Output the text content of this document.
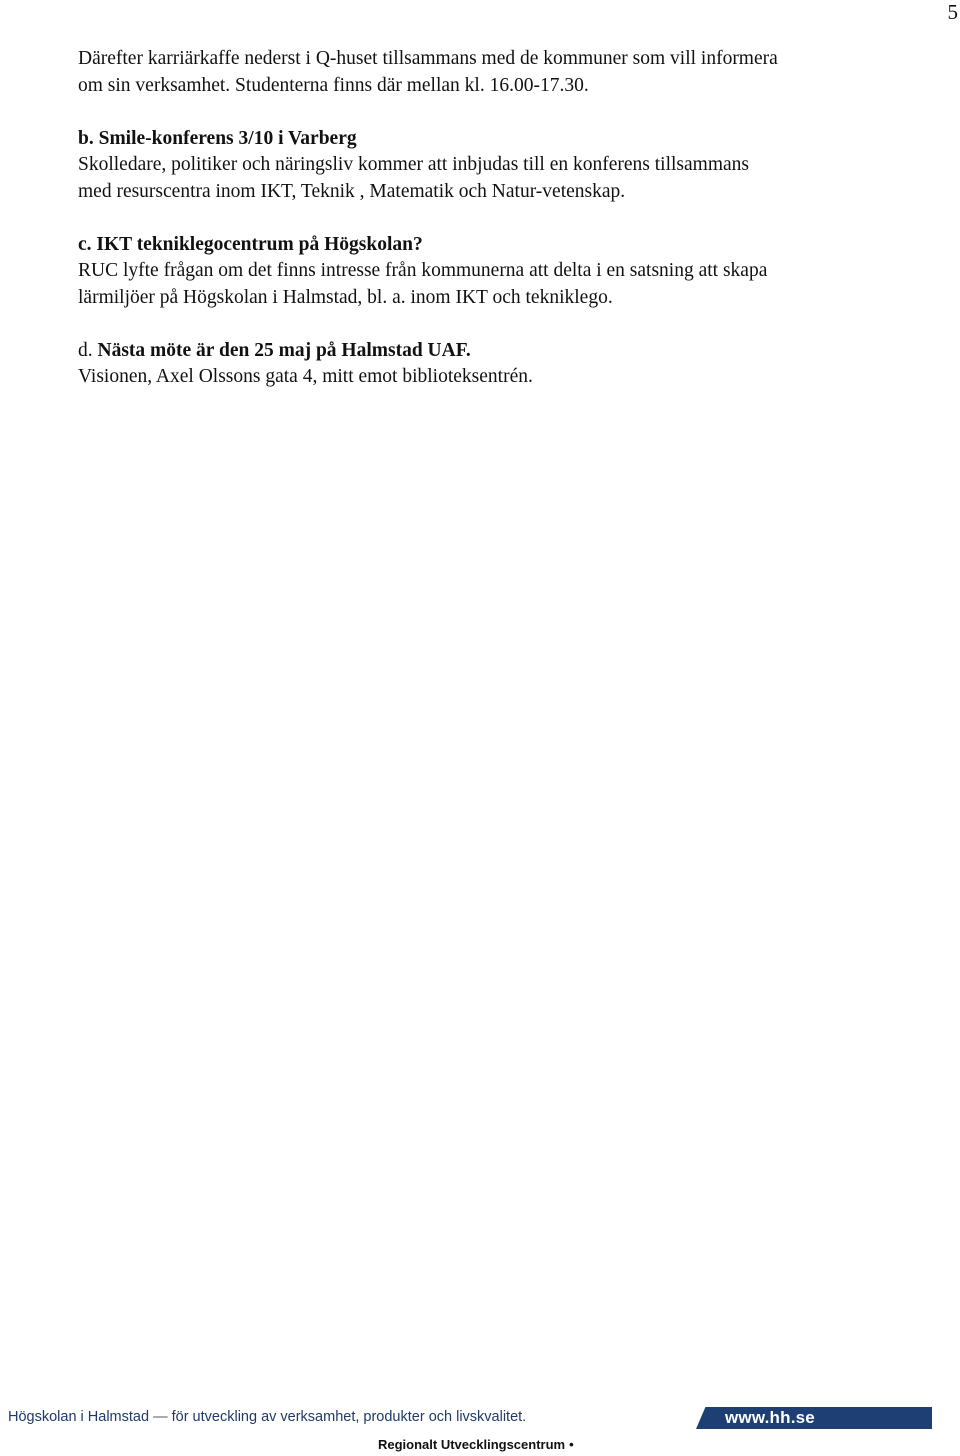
5

Därefter karriärkaffe nederst i Q-huset tillsammans med de kommuner som vill informera om sin verksamhet. Studenterna finns där mellan kl. 16.00-17.30.

b. Smile-konferens 3/10 i Varberg
Skolledare, politiker och näringsliv kommer att inbjudas till en konferens tillsammans med resurscentra inom IKT, Teknik , Matematik och Natur-vetenskap.

c. IKT tekniklegocentrum på Högskolan?
RUC lyfte frågan om det finns intresse från kommunerna att delta i en satsning att skapa lärmiljöer på Högskolan i Halmstad, bl. a. inom IKT och tekniklego.

d. Nästa möte är den 25 maj på Halmstad UAF.
Visionen, Axel Olssons gata 4, mitt emot biblioteksentrén.

Högskolan i Halmstad — för utveckling av verksamhet, produkter och livskvalitet.	www.hh.se
Regionalt Utvecklingscentrum •
